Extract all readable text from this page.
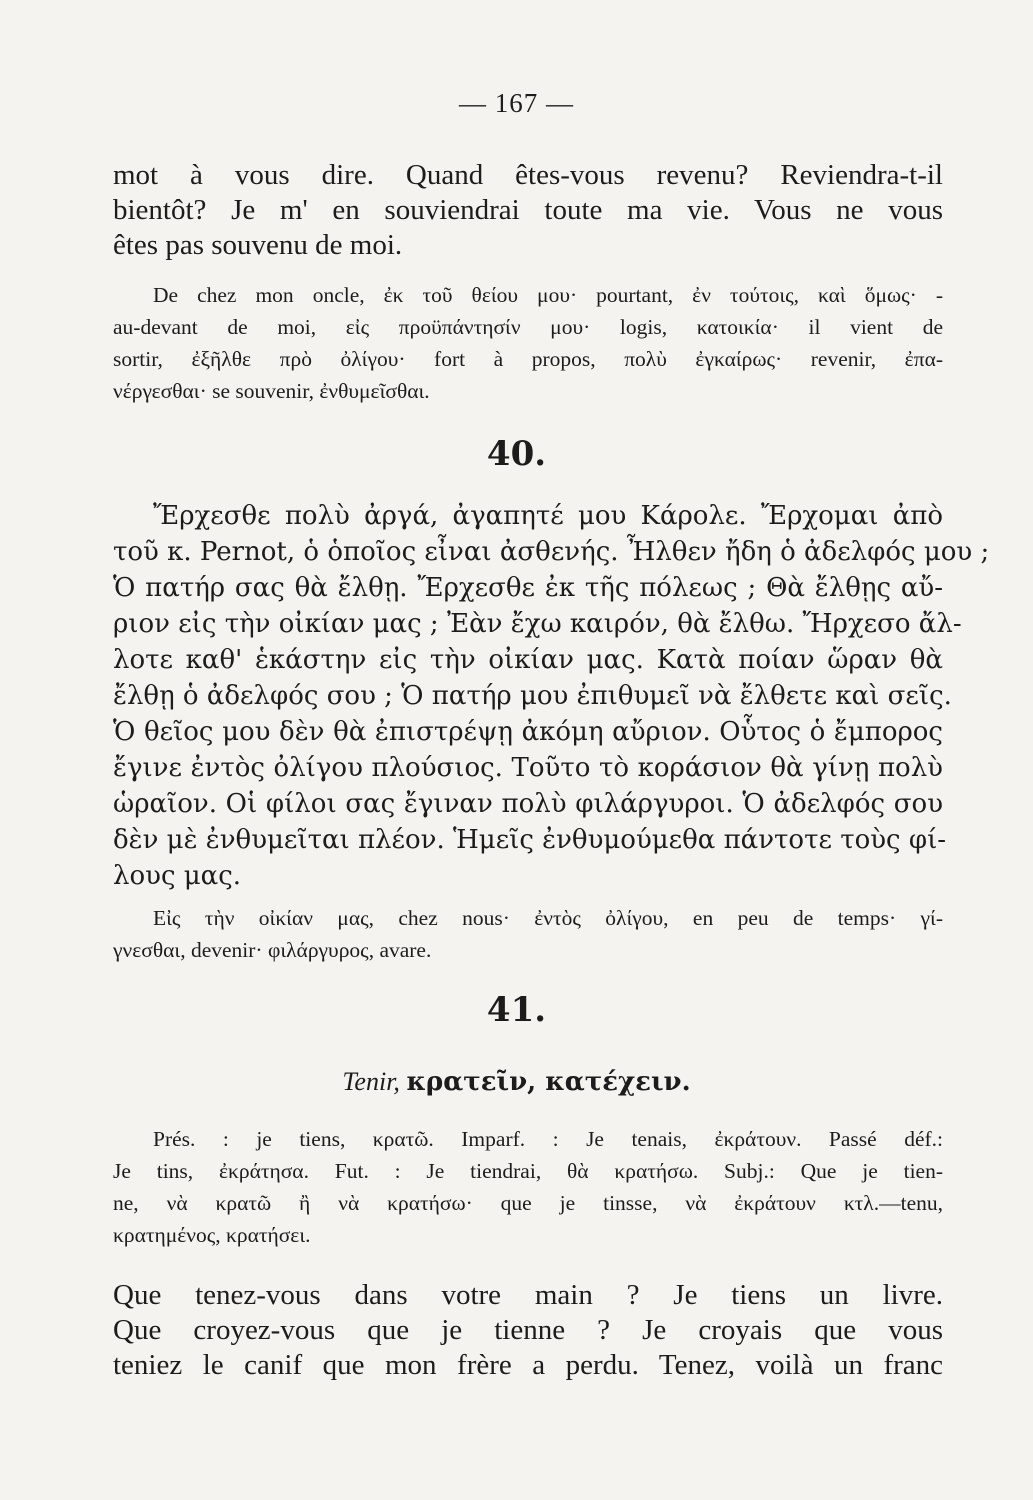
— 167 —
mot à vous dire. Quand êtes-vous revenu? Reviendra-t-il
bientôt? Je m' en souviendrai toute ma vie. Vous ne vous
êtes pas souvenu de moi.
De chez mon oncle, ἐκ τοῦ θείου μου· pourtant, ἐν τούτοις, καὶ ὅμως· -
au-devant de moi, εἰς προϋπάντησίν μου· logis, κατοικία· il vient de
sortir, ἐξῆλθε πρὸ ὀλίγου· fort à propos, πολὺ ἐγκαίρως· revenir, ἐπα-
νέργεσθαι· se souvenir, ἐνθυμεῖσθαι.
40.
Ἔρχεσθε πολὺ ἀργά, ἀγαπητέ μου Κάρολε. Ἔρχομαι ἀπὸ
τοῦ κ. Pernot, ὁ ὁποῖος εἶναι ἀσθενής. Ἦλθεν ἤδη ὁ ἀδελφός μου ;
Ὁ πατήρ σας θὰ ἔλθῃ. Ἔρχεσθε ἐκ τῆς πόλεως ; Θὰ ἔλθῃς αὔ-
ριον εἰς τὴν οἰκίαν μας ; Ἐὰν ἔχω καιρόν, θὰ ἔλθω. Ἤρχεσο ἄλ-
λοτε καθ' ἑκάστην εἰς τὴν οἰκίαν μας. Κατὰ ποίαν ὥραν θὰ
ἔλθῃ ὁ ἀδελφός σου ; Ὁ πατήρ μου ἐπιθυμεῖ νὰ ἔλθετε καὶ σεῖς.
Ὁ θεῖος μου δὲν θὰ ἐπιστρέψῃ ἀκόμη αὔριον. Οὗτος ὁ ἔμπορος
ἔγινε ἐντὸς ὀλίγου πλούσιος. Τοῦτο τὸ κοράσιον θὰ γίνῃ πολὺ
ὡραῖον. Οἱ φίλοι σας ἔγιναν πολὺ φιλάργυροι. Ὁ ἀδελφός σου
δὲν μὲ ἐνθυμεῖται πλέον. Ἡμεῖς ἐνθυμούμεθα πάντοτε τοὺς φί-
λους μας.
Εἰς τὴν οἰκίαν μας, chez nous· ἐντὸς ὀλίγου, en peu de temps· γί-
γνεσθαι, devenir· φιλάργυρος, avare.
41.
Tenir, κρατεῖν, κατέχειν.
Prés. : je tiens, κρατῶ. Imparf. : Je tenais, ἐκράτουν. Passé déf.:
Je tins, ἐκράτησα. Fut. : Je tiendrai, θὰ κρατήσω. Subj.: Que je tien-
ne, νὰ κρατῶ ἢ νὰ κρατήσω· que je tinsse, νὰ ἐκράτουν κτλ.—tenu,
κρατημένος, κρατήσει.
Que tenez-vous dans votre main ? Je tiens un livre.
Que croyez-vous que je tienne ? Je croyais que vous
teniez le canif que mon frère a perdu. Tenez, voilà un franc
